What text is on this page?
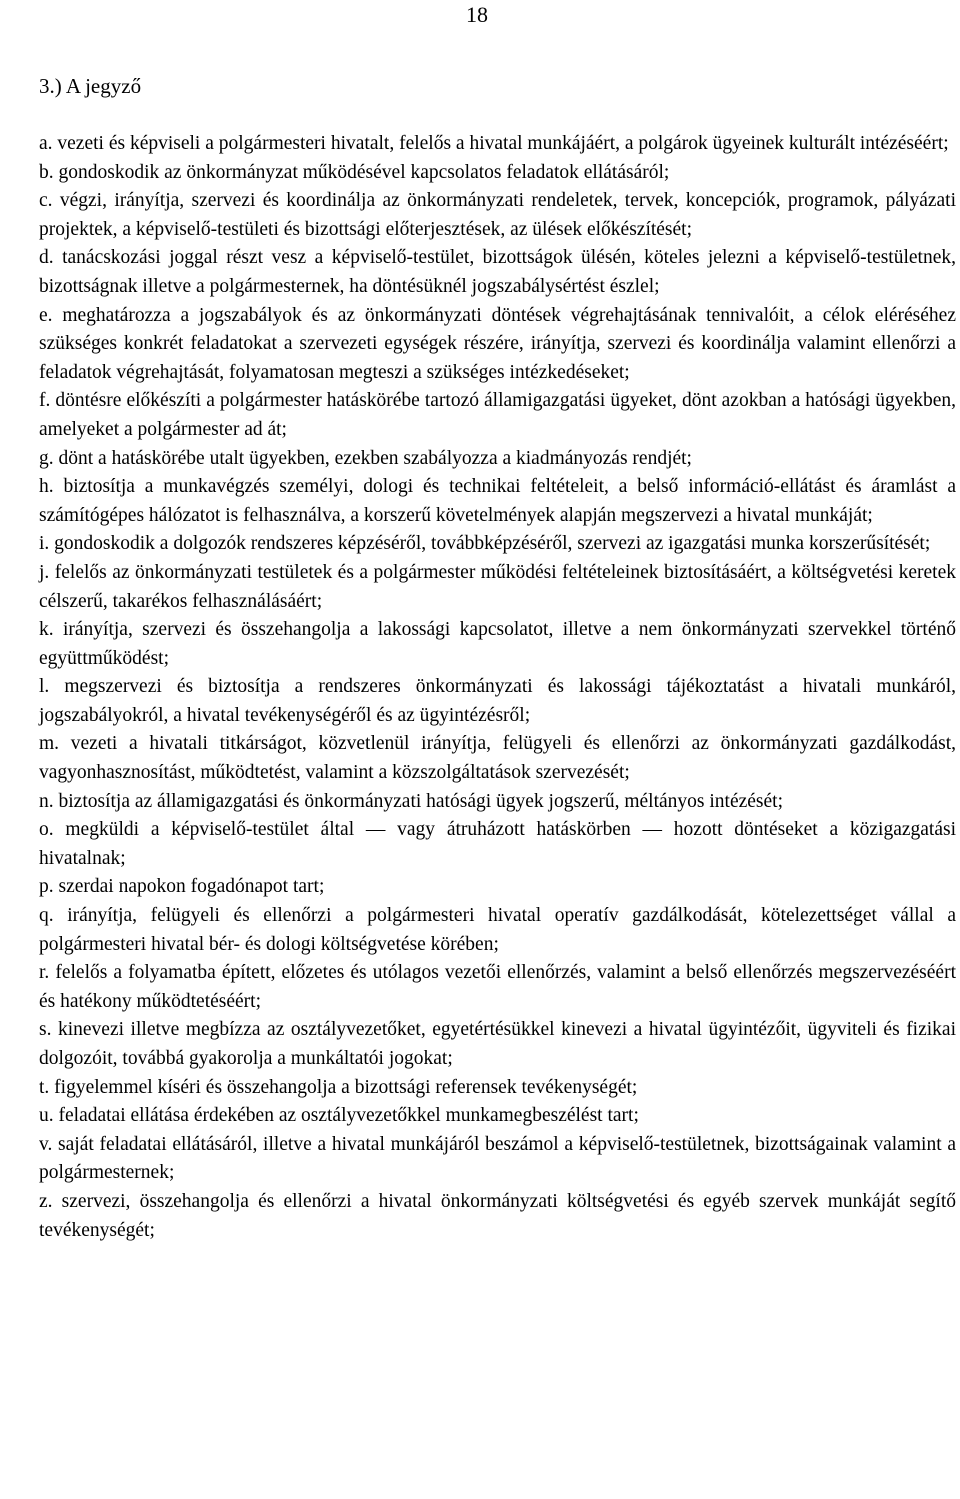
18
3.) A jegyző
a. vezeti és képviseli a polgármesteri hivatalt, felelős a hivatal munkájáért, a polgárok ügyeinek kulturált intézéséért;
b. gondoskodik az önkormányzat működésével kapcsolatos feladatok ellátásáról;
c. végzi, irányítja, szervezi és koordinálja az önkormányzati rendeletek, tervek, koncepciók, programok, pályázati projektek, a képviselő-testületi és bizottsági előterjesztések, az ülések előkészítését;
d. tanácskozási joggal részt vesz a képviselő-testület, bizottságok ülésén, köteles jelezni a képviselő-testületnek, bizottságnak illetve a polgármesternek, ha döntésüknél jogszabálysértést észlel;
e. meghatározza a jogszabályok és az önkormányzati döntések végrehajtásának tennivalóit, a célok eléréséhez szükséges konkrét feladatokat a szervezeti egységek részére, irányítja, szervezi és koordinálja valamint ellenőrzi a feladatok végrehajtását, folyamatosan megteszi a szükséges intézkedéseket;
f. döntésre előkészíti a polgármester hatáskörébe tartozó államigazgatási ügyeket, dönt azokban a hatósági ügyekben, amelyeket a polgármester ad át;
g. dönt a hatáskörébe utalt ügyekben, ezekben szabályozza a kiadmányozás rendjét;
h. biztosítja a munkavégzés személyi, dologi és technikai feltételeit, a belső információ-ellátást és áramlást a számítógépes hálózatot is felhasználva, a korszerű követelmények alapján megszervezi a hivatal munkáját;
i. gondoskodik a dolgozók rendszeres képzéséről, továbbképzéséről, szervezi az igazgatási munka korszerűsítését;
j. felelős az önkormányzati testületek és a polgármester működési feltételeinek biztosításáért, a költségvetési keretek célszerű, takarékos felhasználásáért;
k. irányítja, szervezi és összehangolja a lakossági kapcsolatot, illetve a nem önkormányzati szervekkel történő együttműködést;
l. megszervezi és biztosítja a rendszeres önkormányzati és lakossági tájékoztatást a hivatali munkáról, jogszabályokról, a hivatal tevékenységéről és az ügyintézésről;
m. vezeti a hivatali titkárságot, közvetlenül irányítja, felügyeli és ellenőrzi az önkormányzati gazdálkodást, vagyonhasznosítást, működtetést, valamint a közszolgáltatások szervezését;
n. biztosítja az államigazgatási és önkormányzati hatósági ügyek jogszerű, méltányos intézését;
o. megküldi a képviselő-testület által — vagy átruházott hatáskörben — hozott döntéseket a közigazgatási hivatalnak;
p. szerdai napokon fogadónapot tart;
q. irányítja, felügyeli és ellenőrzi a polgármesteri hivatal operatív gazdálkodását, kötelezettséget vállal a polgármesteri hivatal bér- és dologi költségvetése körében;
r. felelős a folyamatba épített, előzetes és utólagos vezetői ellenőrzés, valamint a belső ellenőrzés megszervezéséért és hatékony működtetéséért;
s. kinevezi illetve megbízza az osztályvezetőket, egyetértésükkel kinevezi a hivatal ügyintézőit, ügyviteli és fizikai dolgozóit, továbbá gyakorolja a munkáltatói jogokat;
t. figyelemmel kíséri és összehangolja a bizottsági referensek tevékenységét;
u. feladatai ellátása érdekében az osztályvezetőkkel munkamegbeszélést tart;
v. saját feladatai ellátásáról, illetve a hivatal munkájáról beszámol a képviselő-testületnek, bizottságainak valamint a polgármesternek;
z. szervezi, összehangolja és ellenőrzi a hivatal önkormányzati költségvetési és egyéb szervek munkáját segítő tevékenységét;
